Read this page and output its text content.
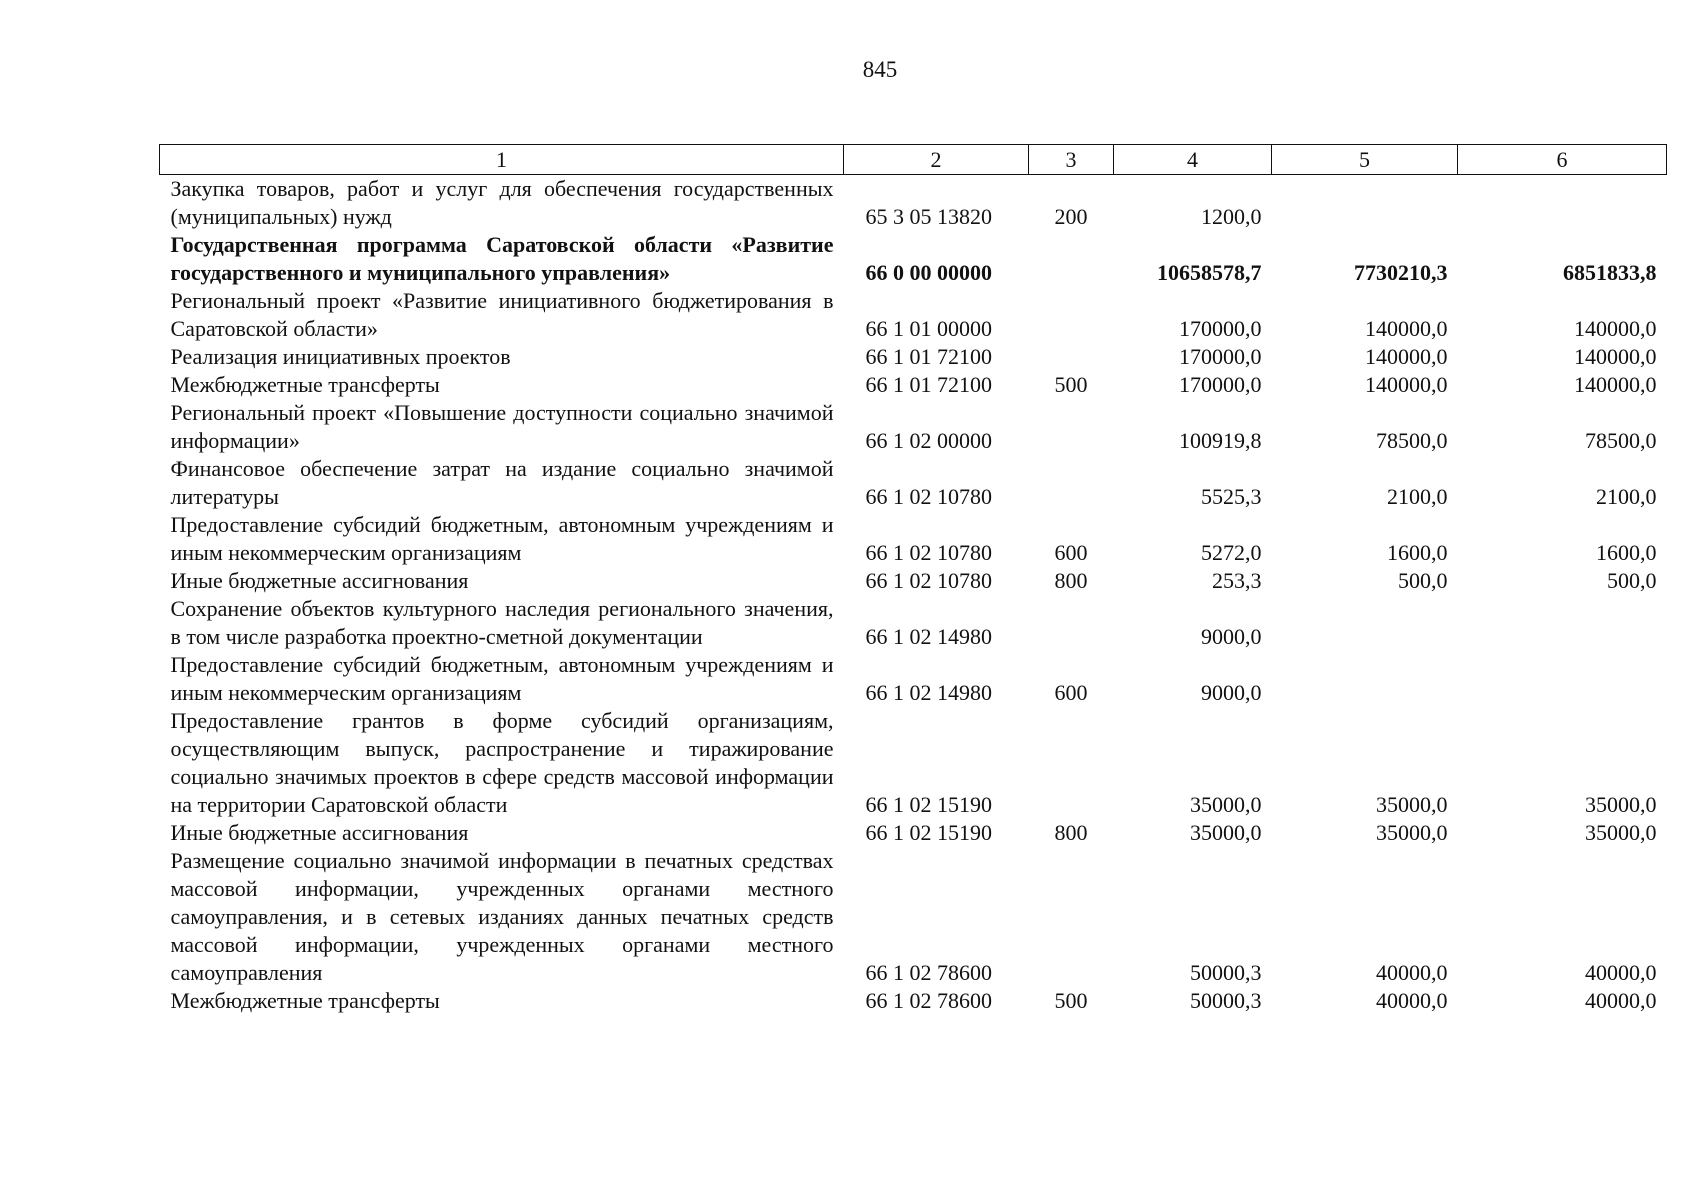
845
1	2	3	4	5	6
Закупка товаров, работ и услуг для обеспечения государственных (муниципальных) нужд	65 3 05 13820	200	1200,0		
Государственная программа Саратовской области «Развитие государственного и муниципального управления»	66 0 00 00000		10658578,7	7730210,3	6851833,8
Региональный проект «Развитие инициативного бюджетирования в Саратовской области»	66 1 01 00000		170000,0	140000,0	140000,0
Реализация инициативных проектов	66 1 01 72100		170000,0	140000,0	140000,0
Межбюджетные трансферты	66 1 01 72100	500	170000,0	140000,0	140000,0
Региональный проект «Повышение доступности социально значимой информации»	66 1 02 00000		100919,8	78500,0	78500,0
Финансовое обеспечение затрат на издание социально значимой литературы	66 1 02 10780		5525,3	2100,0	2100,0
Предоставление субсидий бюджетным, автономным учреждениям и иным некоммерческим организациям	66 1 02 10780	600	5272,0	1600,0	1600,0
Иные бюджетные ассигнования	66 1 02 10780	800	253,3	500,0	500,0
Сохранение объектов культурного наследия регионального значения, в том числе разработка проектно-сметной документации	66 1 02 14980		9000,0		
Предоставление субсидий бюджетным, автономным учреждениям и иным некоммерческим организациям	66 1 02 14980	600	9000,0		
Предоставление грантов в форме субсидий организациям, осуществляющим выпуск, распространение и тиражирование социально значимых проектов в сфере средств массовой информации на территории Саратовской области	66 1 02 15190		35000,0	35000,0	35000,0
Иные бюджетные ассигнования	66 1 02 15190	800	35000,0	35000,0	35000,0
Размещение социально значимой информации в печатных средствах массовой информации, учрежденных органами местного самоуправления, и в сетевых изданиях данных печатных средств массовой информации, учрежденных органами местного самоуправления	66 1 02 78600		50000,3	40000,0	40000,0
Межбюджетные трансферты	66 1 02 78600	500	50000,3	40000,0	40000,0
